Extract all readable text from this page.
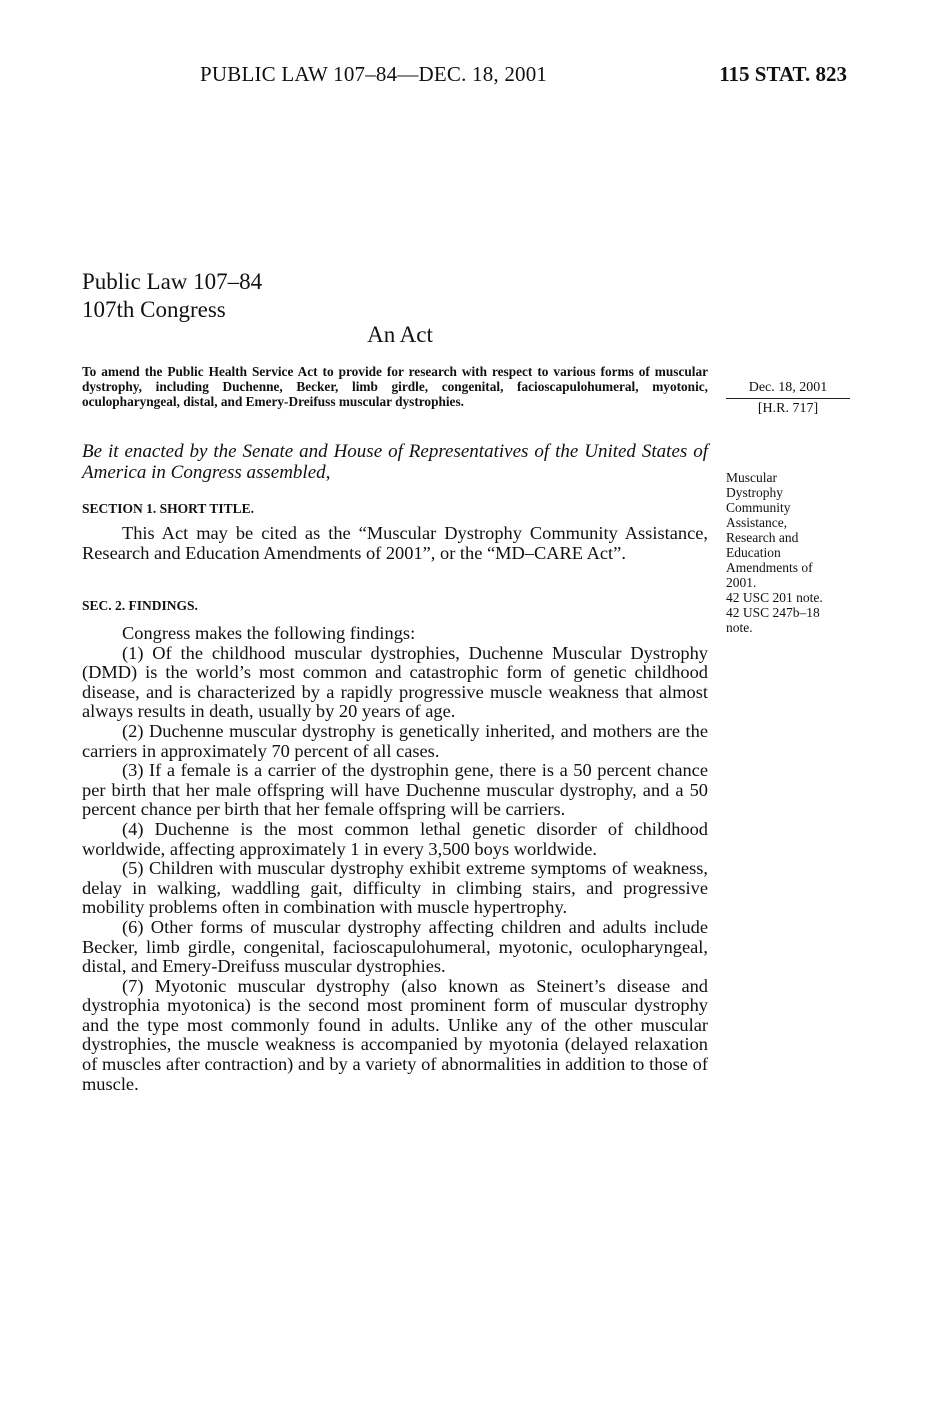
PUBLIC LAW 107–84—DEC. 18, 2001	115 STAT. 823
Public Law 107–84
107th Congress
An Act
To amend the Public Health Service Act to provide for research with respect to various forms of muscular dystrophy, including Duchenne, Becker, limb girdle, congenital, facioscapulohumeral, myotonic, oculopharyngeal, distal, and Emery-Dreifuss muscular dystrophies.
Dec. 18, 2001
[H.R. 717]
Be it enacted by the Senate and House of Representatives of the United States of America in Congress assembled,	Muscular
Dystrophy
Community
Assistance,
Research and
Education
Amendments of
2001.
42 USC 201 note.
42 USC 247b–18
note.
SECTION 1. SHORT TITLE.
This Act may be cited as the “Muscular Dystrophy Community Assistance, Research and Education Amendments of 2001”, or the “MD–CARE Act”.
SEC. 2. FINDINGS.

Congress makes the following findings:

(1) Of the childhood muscular dystrophies, Duchenne Muscular Dystrophy (DMD) is the world’s most common and catastrophic form of genetic childhood disease, and is characterized by a rapidly progressive muscle weakness that almost always results in death, usually by 20 years of age.

(2) Duchenne muscular dystrophy is genetically inherited, and mothers are the carriers in approximately 70 percent of all cases.

(3) If a female is a carrier of the dystrophin gene, there is a 50 percent chance per birth that her male offspring will have Duchenne muscular dystrophy, and a 50 percent chance per birth that her female offspring will be carriers.

(4) Duchenne is the most common lethal genetic disorder of childhood worldwide, affecting approximately 1 in every 3,500 boys worldwide.

(5) Children with muscular dystrophy exhibit extreme symptoms of weakness, delay in walking, waddling gait, difficulty in climbing stairs, and progressive mobility problems often in combination with muscle hypertrophy.

(6) Other forms of muscular dystrophy affecting children and adults include Becker, limb girdle, congenital, facioscapulohumeral, myotonic, oculopharyngeal, distal, and Emery-Dreifuss muscular dystrophies.

(7) Myotonic muscular dystrophy (also known as Steinert’s disease and dystrophia myotonica) is the second most prominent form of muscular dystrophy and the type most commonly found in adults. Unlike any of the other muscular dystrophies, the muscle weakness is accompanied by myotonia (delayed relaxation of muscles after contraction) and by a variety of abnormalities in addition to those of muscle.
